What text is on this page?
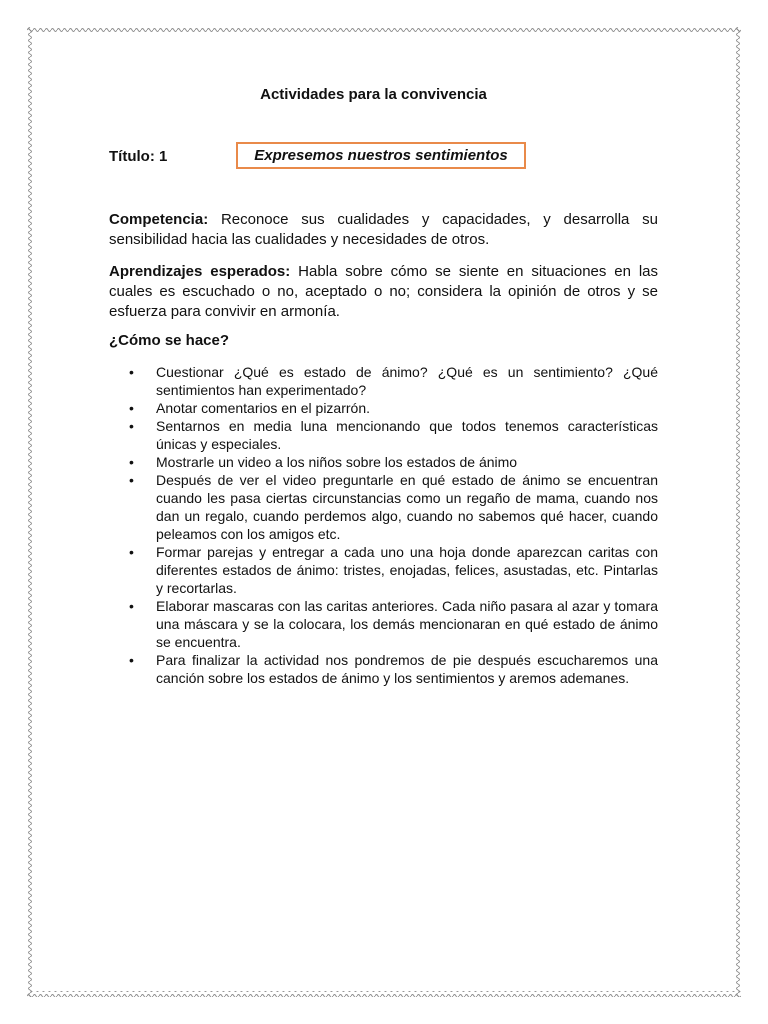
Actividades para la convivencia
Título: 1	Expresemos nuestros sentimientos

Competencia: Reconoce sus cualidades y capacidades, y desarrolla su sensibilidad hacia las cualidades y necesidades de otros.

Aprendizajes esperados: Habla sobre cómo se siente en situaciones en las cuales es escuchado o no, aceptado o no; considera la opinión de otros y se esfuerza para convivir en armonía.

¿Cómo se hace?
• Cuestionar ¿Qué es estado de ánimo? ¿Qué es un sentimiento? ¿Qué sentimientos han experimentado?
• Anotar comentarios en el pizarrón.
• Sentarnos en media luna mencionando que todos tenemos características únicas y especiales.
• Mostrarle un video a los niños sobre los estados de ánimo
• Después de ver el video preguntarle en qué estado de ánimo se encuentran cuando les pasa ciertas circunstancias como un regaño de mama, cuando nos dan un regalo, cuando perdemos algo, cuando no sabemos qué hacer, cuando peleamos con los amigos etc.
• Formar parejas y entregar a cada uno una hoja donde aparezcan caritas con diferentes estados de ánimo: tristes, enojadas, felices, asustadas, etc. Pintarlas y recortarlas.
• Elaborar mascaras con las caritas anteriores. Cada niño pasara al azar y tomara una máscara y se la colocara, los demás mencionaran en qué estado de ánimo se encuentra.
• Para finalizar la actividad nos pondremos de pie después escucharemos una canción sobre los estados de ánimo y los sentimientos y aremos ademanes.
